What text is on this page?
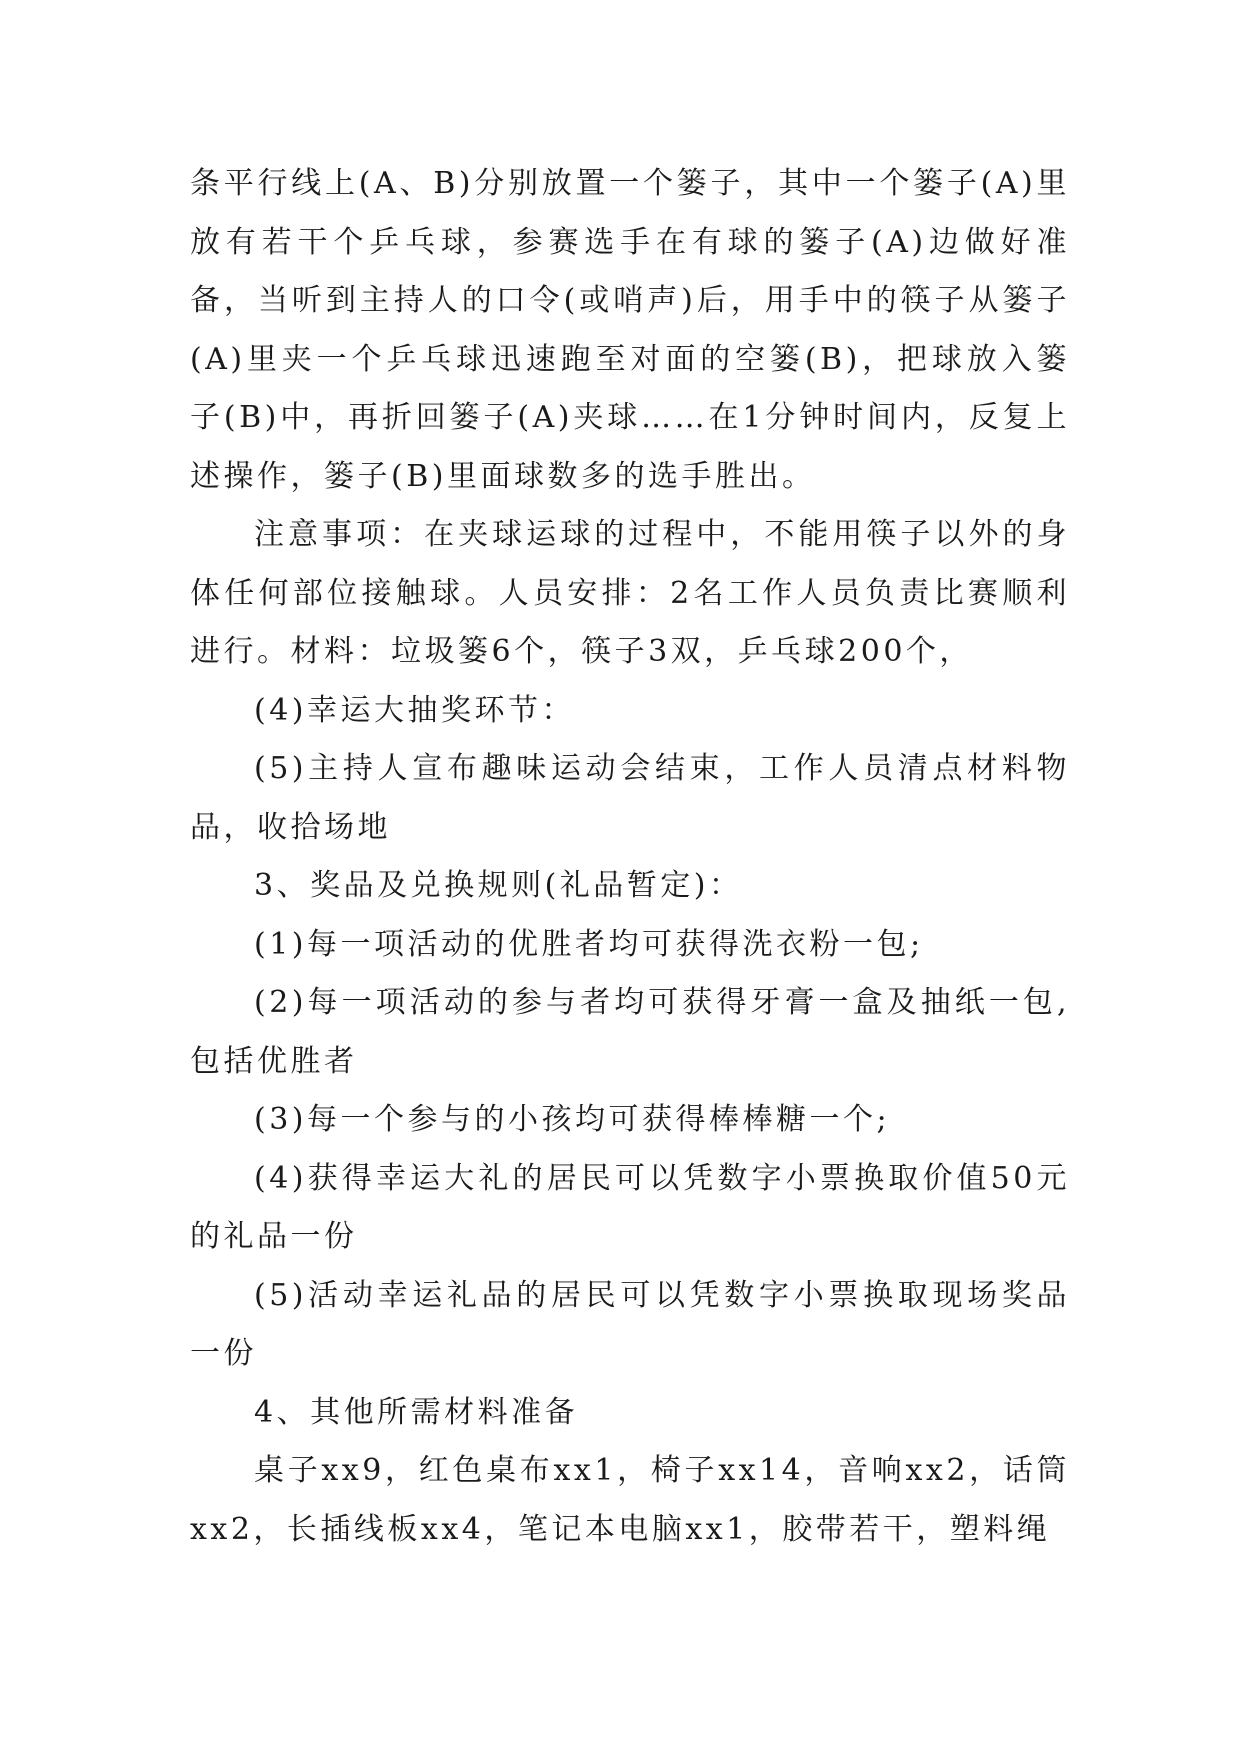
条平行线上(A、B)分别放置一个篓子，其中一个篓子(A)里放有若干个乒乓球，参赛选手在有球的篓子(A)边做好准备，当听到主持人的口令(或哨声)后，用手中的筷子从篓子(A)里夹一个乒乓球迅速跑至对面的空篓(B)，把球放入篓子(B)中，再折回篓子(A)夹球……在1分钟时间内，反复上述操作，篓子(B)里面球数多的选手胜出。

注意事项：在夹球运球的过程中，不能用筷子以外的身体任何部位接触球。人员安排：2名工作人员负责比赛顺利进行。材料：垃圾篓6个，筷子3双，乒乓球200个，

(4)幸运大抽奖环节：

(5)主持人宣布趣味运动会结束，工作人员清点材料物品，收拾场地

3、奖品及兑换规则(礼品暂定)：

(1)每一项活动的优胜者均可获得洗衣粉一包;

(2)每一项活动的参与者均可获得牙膏一盒及抽纸一包,包括优胜者

(3)每一个参与的小孩均可获得棒棒糖一个;

(4)获得幸运大礼的居民可以凭数字小票换取价值50元的礼品一份

(5)活动幸运礼品的居民可以凭数字小票换取现场奖品一份

4、其他所需材料准备

桌子xx9，红色桌布xx1，椅子xx14，音响xx2，话筒xx2，长插线板xx4，笔记本电脑xx1，胶带若干，塑料绳
